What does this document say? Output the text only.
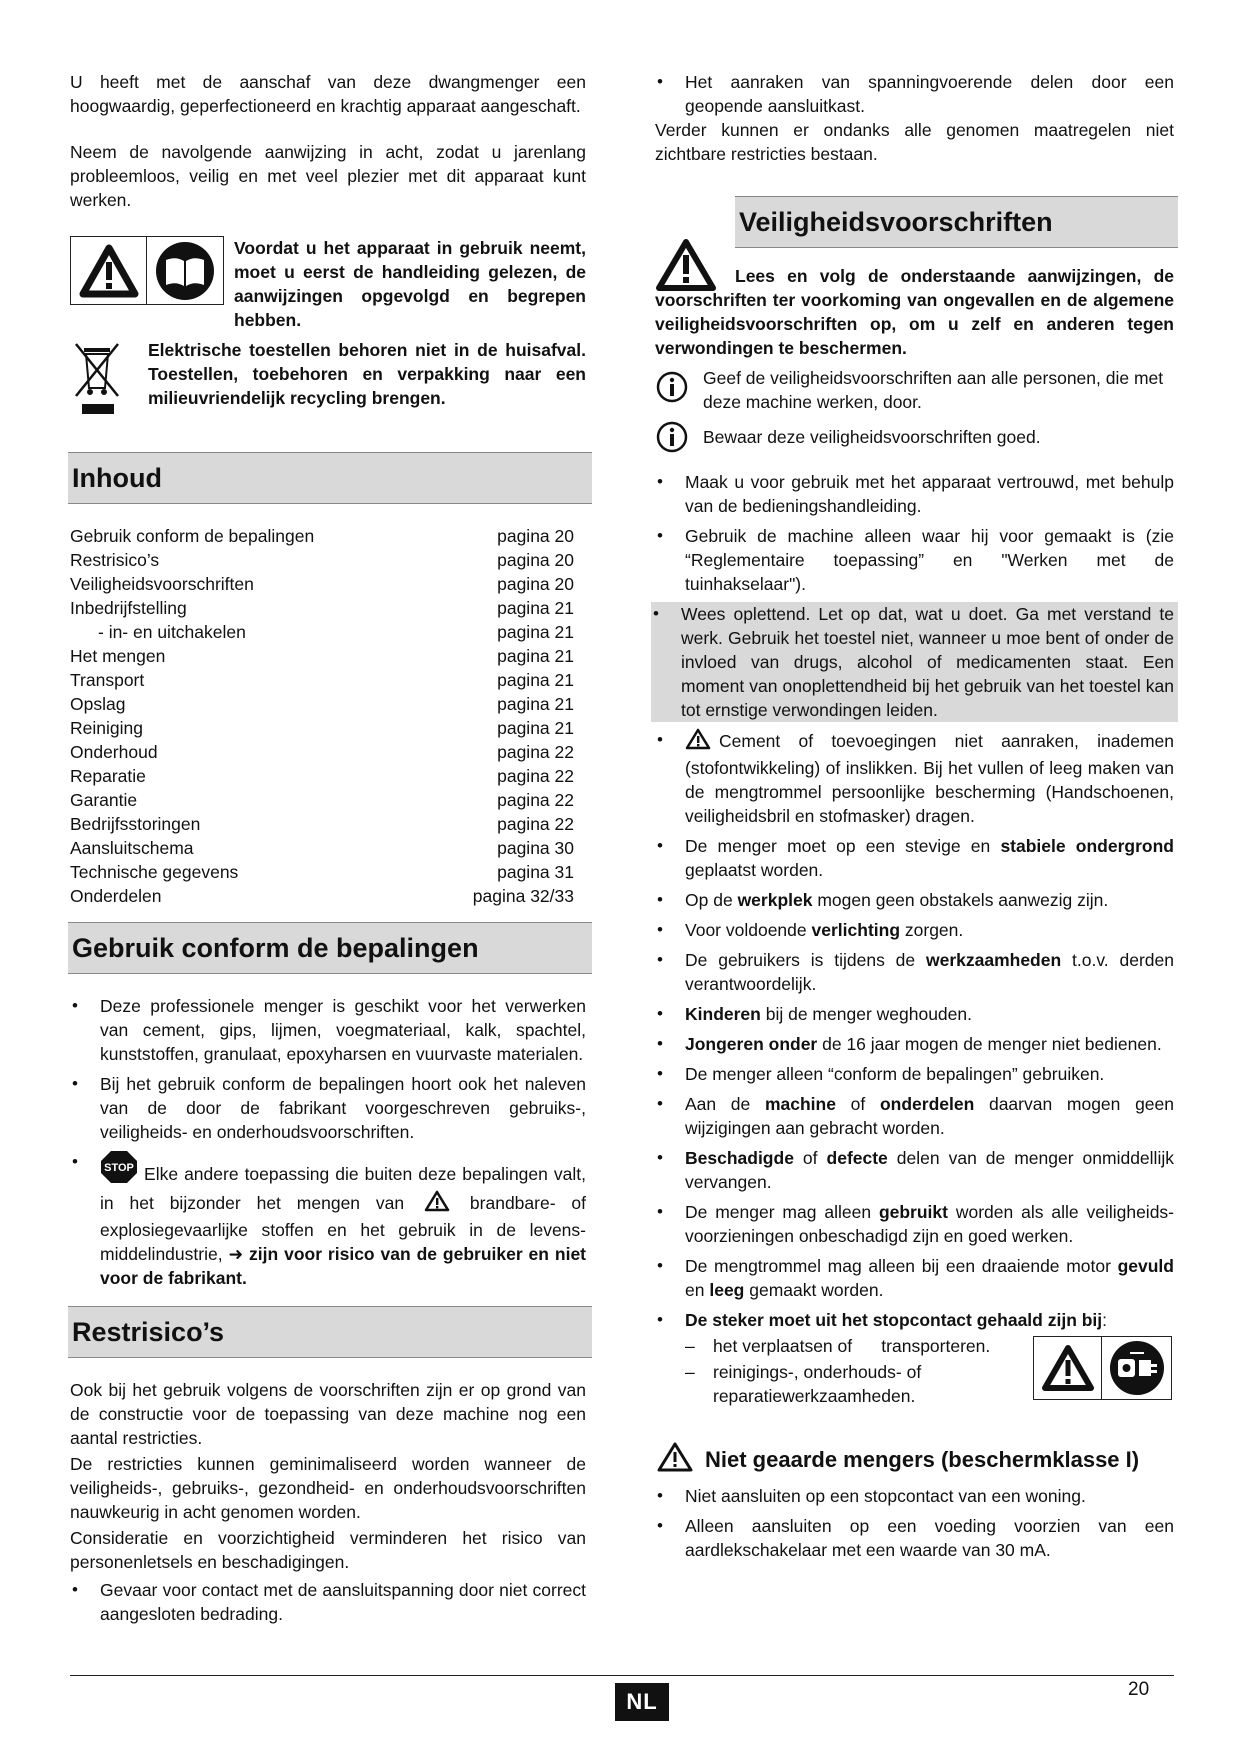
U heeft met de aanschaf van deze dwangmenger een hoogwaardig, geperfectioneerd en krachtig apparaat aangeschaft.

Neem de navolgende aanwijzing in acht, zodat u jarenlang probleemloos, veilig en met veel plezier met dit apparaat kunt werken.

Voordat u het apparaat in gebruik neemt, moet u eerst de handleiding gelezen, de aanwijzingen opgevolgd en begrepen hebben.

Elektrische toestellen behoren niet in de huisafval. Toestellen, toebehoren en verpakking naar een milieuvriendelijk recycling brengen.

Inhoud
Gebruik conform de bepalingen	pagina 20
Restrisico’s	pagina 20
Veiligheidsvoorschriften	pagina 20
Inbedrijfstelling	pagina 21
- in- en uitchakelen	pagina 21
Het mengen	pagina 21
Transport	pagina 21
Opslag	pagina 21
Reiniging	pagina 21
Onderhoud	pagina 22
Reparatie	pagina 22
Garantie	pagina 22
Bedrijfsstoringen	pagina 22
Aansluitschema	pagina 30
Technische gegevens	pagina 31
Onderdelen	pagina 32/33
Gebruik conform de bepalingen
• Deze professionele menger is geschikt voor het verwerken van cement, gips, lijmen, voegmateriaal, kalk, spachtel, kunststoffen, granulaat, epoxyharsen en vuurvaste materialen.
• Bij het gebruik conform de bepalingen hoort ook het naleven van de door de fabrikant voorgeschreven gebruiks-, veiligheids- en onderhoudsvoorschriften.
• STOP Elke andere toepassing die buiten deze bepalingen valt, in het bijzonder het mengen van	brandbare- of explosiegevaarlijke stoffen en het gebruik in de levens-middelindustrie, ➜ zijn voor risico van de gebruiker en niet voor de fabrikant.
Restrisico’s

Ook bij het gebruik volgens de voorschriften zijn er op grond van de constructie voor de toepassing van deze machine nog een aantal restricties.

De restricties kunnen geminimaliseerd worden wanneer de veiligheids-, gebruiks-, gezondheid- en onderhoudsvoorschriften nauwkeurig in acht genomen worden.

Consideratie en voorzichtigheid verminderen het risico van personenletsels en beschadigingen.

• Gevaar voor contact met de aansluitspanning door niet correct aangesloten bedrading.
• Het aanraken van spanningvoerende delen door een geopende aansluitkast.

Verder kunnen er ondanks alle genomen maatregelen niet zichtbare restricties bestaan.

Veiligheidsvoorschriften

Lees en volg de onderstaande aanwijzingen, de voorschriften ter voorkoming van ongevallen en de algemene veiligheidsvoorschriften op, om u zelf en anderen tegen verwondingen te beschermen.

Geef de veiligheidsvoorschriften aan alle personen, die met deze machine werken, door.
Bewaar deze veiligheidsvoorschriften goed.
• Maak u voor gebruik met het apparaat vertrouwd, met behulp van de bedieningshandleiding.
• Gebruik de machine alleen waar hij voor gemaakt is (zie “Reglementaire toepassing” en "Werken met de tuinhakselaar").
• Wees oplettend. Let op dat, wat u doet. Ga met verstand te werk. Gebruik het toestel niet, wanneer u moe bent of onder de invloed van drugs, alcohol of medicamenten staat. Een moment van onoplettendheid bij het gebruik van het toestel kan tot ernstige verwondingen leiden.
• Cement of toevoegingen niet aanraken, inademen (stofontwikkeling) of inslikken. Bij het vullen of leeg maken van de mengtrommel persoonlijke bescherming (Handschoenen, veiligheidsbril en stofmasker) dragen.
• De menger moet op een stevige en stabiele ondergrond geplaatst worden.
• Op de werkplek mogen geen obstakels aanwezig zijn.
• Voor voldoende verlichting zorgen.
• De gebruikers is tijdens de werkzaamheden t.o.v. derden verantwoordelijk.
• Kinderen bij de menger weghouden.
• Jongeren onder de 16 jaar mogen de menger niet bedienen.
• De menger alleen “conform de bepalingen” gebruiken.
• Aan de machine of onderdelen daarvan mogen geen wijzigingen aan gebracht worden.
• Beschadigde of defecte delen van de menger onmiddellijk vervangen.
• De menger mag alleen gebruikt worden als alle veiligheids-voorzieningen onbeschadigd zijn en goed werken.
• De mengtrommel mag alleen bij een draaiende motor gevuld en leeg gemaakt worden.
• De steker moet uit het stopcontact gehaald zijn bij:
– het verplaatsen of      transporteren.
– reinigings-, onderhouds- of reparatiewerkzaamheden.
Niet geaarde mengers (beschermklasse I)
• Niet aansluiten op een stopcontact van een woning.
• Alleen aansluiten op een voeding voorzien van een aardlekschakelaar met een waarde van 30 mA.
NL	20
